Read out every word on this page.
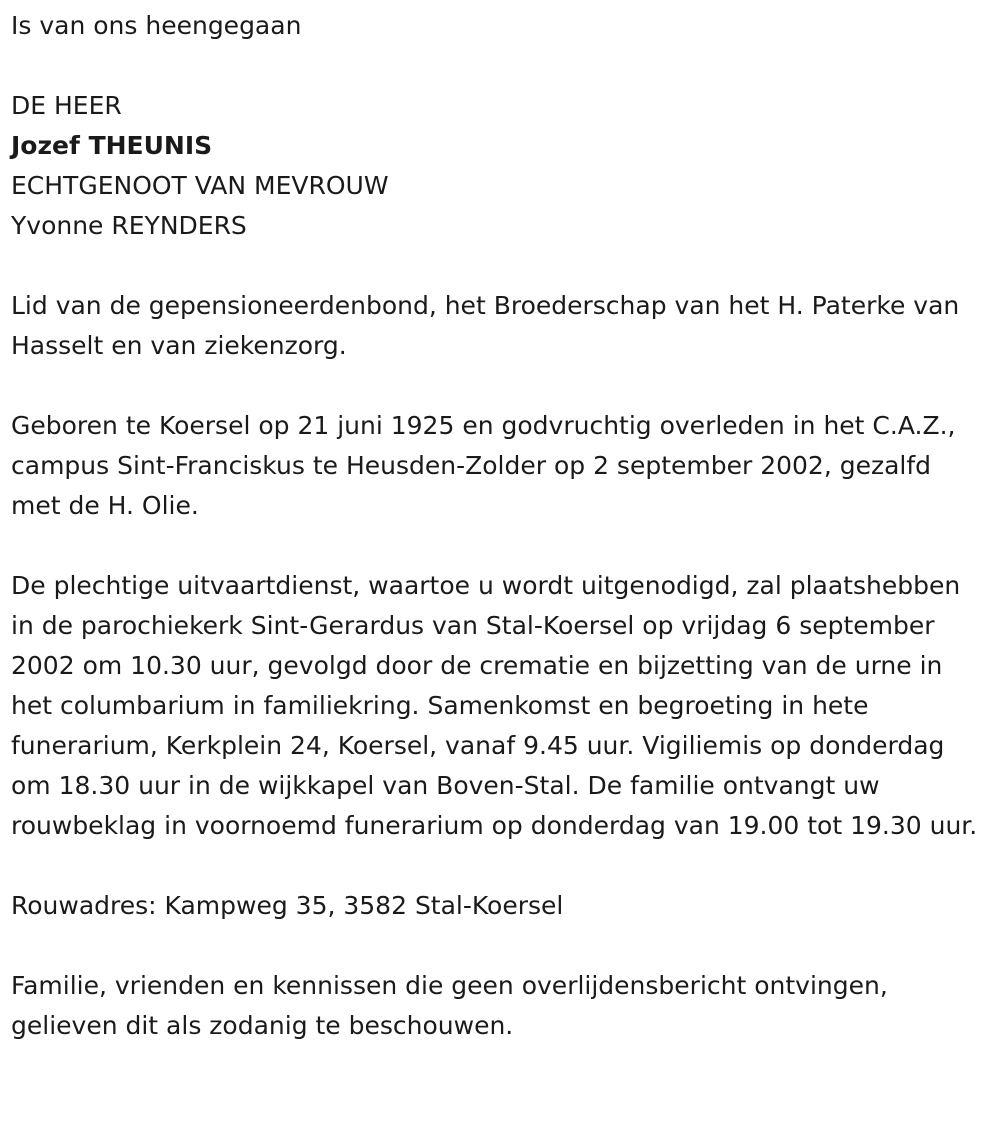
Is van ons heengegaan

DE HEER

Jozef THEUNIS

ECHTGENOOT VAN MEVROUW

Yvonne REYNDERS

Lid van de gepensioneerdenbond, het Broederschap van het H. Paterke van Hasselt en van ziekenzorg.

Geboren te Koersel op 21 juni 1925 en godvruchtig overleden in het C.A.Z., campus Sint-Franciskus te Heusden-Zolder op 2 september 2002, gezalfd met de H. Olie.

De plechtige uitvaartdienst, waartoe u wordt uitgenodigd, zal plaatshebben in de parochiekerk Sint-Gerardus van Stal-Koersel op vrijdag 6 september 2002 om 10.30 uur, gevolgd door de crematie en bijzetting van de urne in het columbarium in familiekring. Samenkomst en begroeting in hete funerarium, Kerkplein 24, Koersel, vanaf 9.45 uur. Vigiliemis op donderdag om 18.30 uur in de wijkkapel van Boven-Stal. De familie ontvangt uw rouwbeklag in voornoemd funerarium op donderdag van 19.00 tot 19.30 uur.

Rouwadres: Kampweg 35, 3582 Stal-Koersel

Familie, vrienden en kennissen die geen overlijdensbericht ontvingen, gelieven dit als zodanig te beschouwen.
